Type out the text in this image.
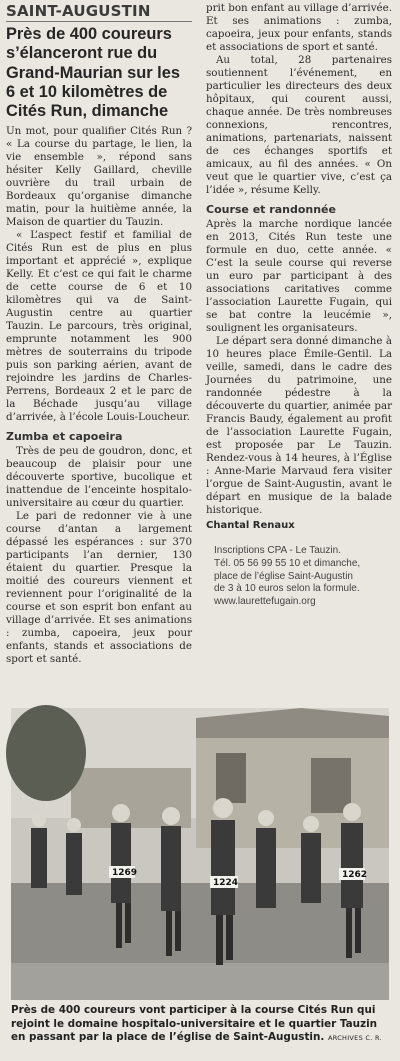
SAINT-AUGUSTIN
Près de 400 coureurs s’élanceront rue du Grand-Maurian sur les 6 et 10 kilomètres de Cités Run, dimanche

Un mot, pour qualifier Cités Run ? « La course du partage, le lien, la vie ensemble », répond sans hésiter Kelly Gaillard, cheville ouvrière du trail urbain de Bordeaux qu’organise dimanche matin, pour la huitième année, la Maison de quartier du Tauzin.

« L’aspect festif et familial de Cités Run est de plus en plus important et apprécié », explique Kelly. Et c’est ce qui fait le charme de cette course de 6 et 10 kilomètres qui va de Saint-Augustin centre au quartier Tauzin. Le parcours, très original, emprunte notamment les 900 mètres de souterrains du tripode puis son parking aérien, avant de rejoindre les jardins de Charles-Perrens, Bordeaux 2 et le parc de la Béchade jusqu’au village d’arrivée, à l’école Louis-Loucheur.

Zumba et capoeira

Très de peu de goudron, donc, et beaucoup de plaisir pour une découverte sportive, bucolique et inattendue de l’enceinte hospitalo-universitaire au cœur du quartier.

Le pari de redonner vie à une course d’antan a largement dépassé les espérances : sur 370 participants l’an dernier, 130 étaient du quartier. Presque la moitié des coureurs viennent et reviennent pour l’originalité de la course et son esprit bon enfant au village d’arrivée. Et ses animations : zumba, capoeira, jeux pour enfants, stands et associations de sport et santé.

prit bon enfant au village d’arrivée. Et ses animations : zumba, capoeira, jeux pour enfants, stands et associations de sport et santé.

Au total, 28 partenaires soutiennent l’événement, en particulier les directeurs des deux hôpitaux, qui courent aussi, chaque année. De très nombreuses connexions, rencontres, animations, partenariats, naissent de ces échanges sportifs et amicaux, au fil des années. « On veut que le quartier vive, c’est ça l’idée », résume Kelly.

Course et randonnée

Après la marche nordique lancée en 2013, Cités Run teste une formule en duo, cette année. « C’est la seule course qui reverse un euro par participant à des associations caritatives comme l’association Laurette Fugain, qui se bat contre la leucémie », soulignent les organisateurs.

Le départ sera donné dimanche à 10 heures place Émile-Gentil. La veille, samedi, dans le cadre des Journées du patrimoine, une randonnée pédestre à la découverte du quartier, animée par Francis Baudy, également au profit de l’association Laurette Fugain, est proposée par Le Tauzin. Rendez-vous à 14 heures, à l’Église : Anne-Marie Marvaud fera visiter l’orgue de Saint-Augustin, avant le départ en musique de la balade historique.

Chantal Renaux
Inscriptions CPA - Le Tauzin.
Tél. 05 56 99 55 10 et dimanche,
place de l’église Saint-Augustin
de 3 à 10 euros selon la formule.
www.laurettefugain.org
1269
1224
1262
Près de 400 coureurs vont participer à la course Cités Run qui rejoint le domaine hospitalo-universitaire et le quartier Tauzin en passant par la place de l’église de Saint-Augustin. ARCHIVES C. R.
